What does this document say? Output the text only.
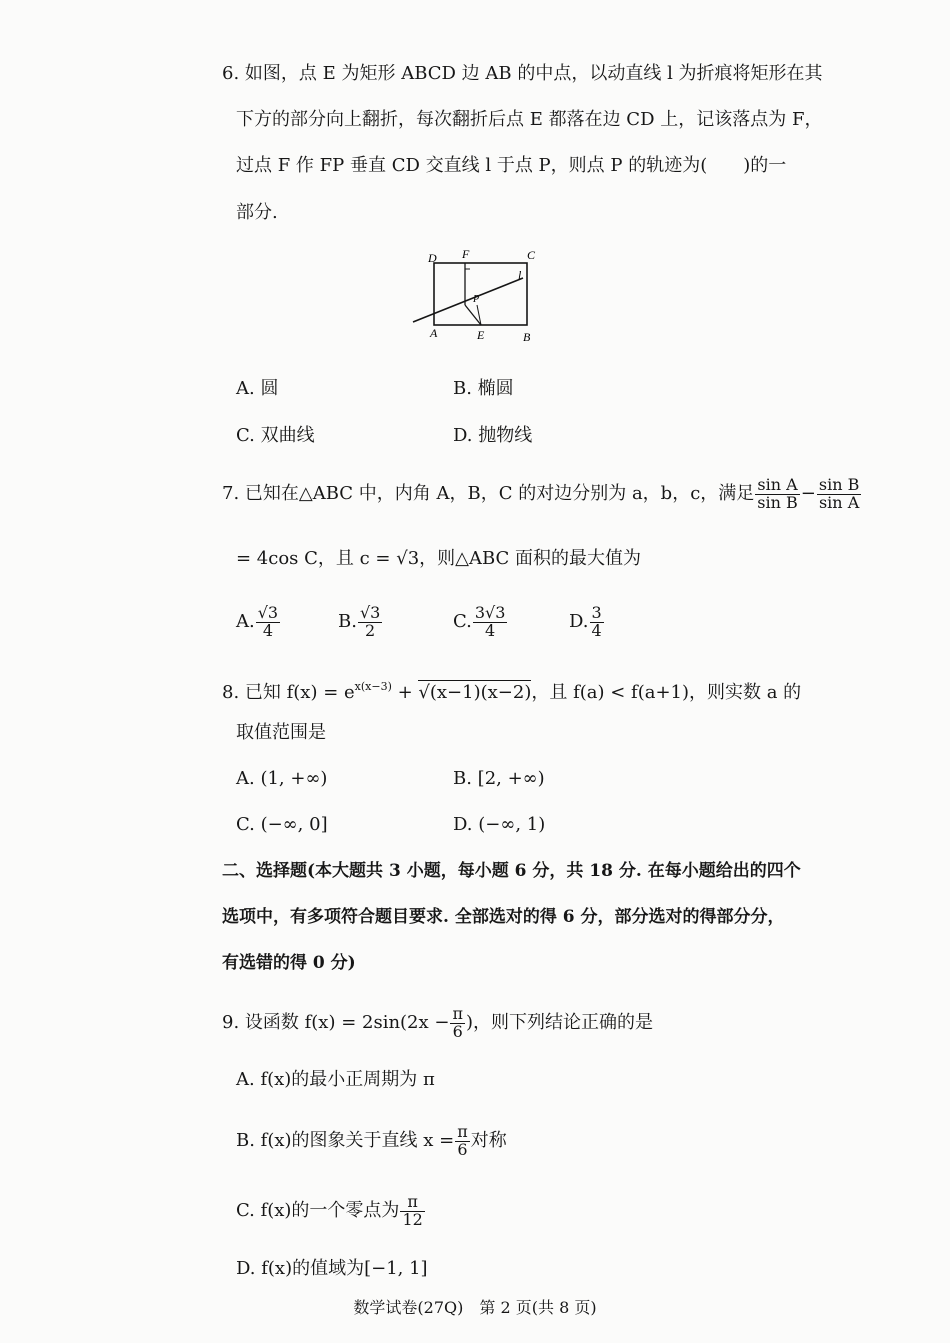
6. 如图，点 E 为矩形 ABCD 边 AB 的中点，以动直线 l 为折痕将矩形在其
下方的部分向上翻折，每次翻折后点 E 都落在边 CD 上，记该落点为 F，
过点 F 作 FP 垂直 CD 交直线 l 于点 P，则点 P 的轨迹为(　　)的一
部分.
D F	C
l
P
A	E	B
A. 圆	B. 椭圆
C. 双曲线	D. 抛物线
7. 已知在△ABC 中，内角 A，B，C 的对边分别为 a，b，c，满足 $\frac{\text{sin A}}{\text{sin B}} - \frac{\text{sin B}}{\text{sin A}}$
= 4cos C，且 c = √3，则△ABC 面积的最大值为
A. $\frac{√3}{4}$	B. $\frac{√3}{2}$	C. $\frac{3√3}{4}$	D. $\frac{3}{4}$
8. 已知 $f(x) = e^{x(x-3)} + √(x-1)(x-2)$，且 f(a) < f(a+1)，则实数 a 的
取值范围是
A. (1, +∞)	B. [2, +∞)
C. (−∞, 0]	D. (−∞, 1)
二、选择题(本大题共 3 小题，每小题 6 分，共 18 分. 在每小题给出的四个
选项中，有多项符合题目要求. 全部选对的得 6 分，部分选对的得部分分，
有选错的得 0 分)
9. 设函数 $f(x) = 2\sin(2x - \frac{\pi}{6}$ )，则下列结论正确的是
A. f(x)的最小正周期为 π
B. f(x)的图象关于直线 $x = \frac{\pi}{6}$ 对称
C. f(x)的一个零点为 $\frac{\pi}{12}$
D. f(x)的值域为[−1, 1]
数学试卷(27Q)　第 2 页(共 8 页)
